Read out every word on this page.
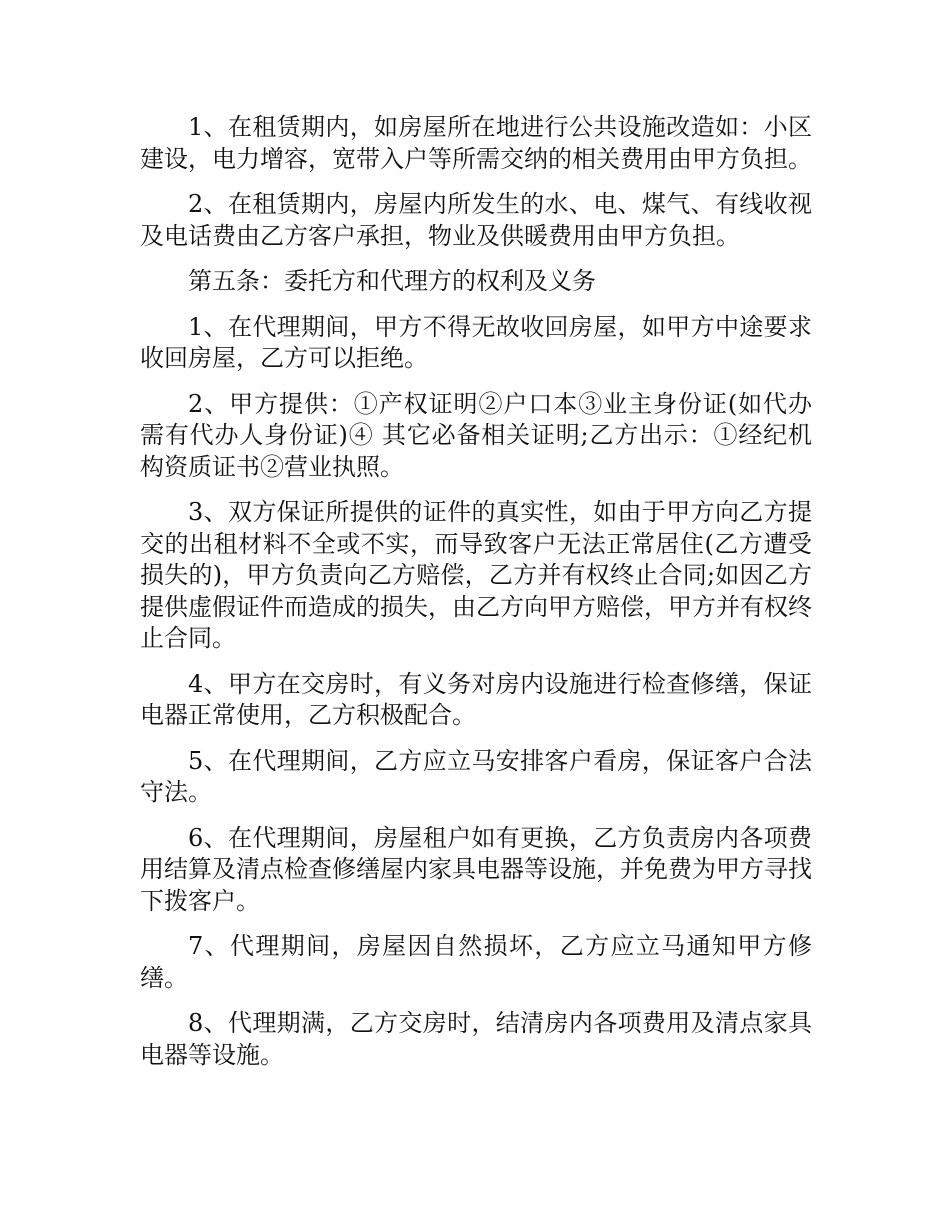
1、在租赁期内，如房屋所在地进行公共设施改造如：小区建设，电力增容，宽带入户等所需交纳的相关费用由甲方负担。

2、在租赁期内，房屋内所发生的水、电、煤气、有线收视及电话费由乙方客户承担，物业及供暖费用由甲方负担。

第五条：委托方和代理方的权利及义务

1、在代理期间，甲方不得无故收回房屋，如甲方中途要求收回房屋，乙方可以拒绝。

2、甲方提供：①产权证明②户口本③业主身份证(如代办需有代办人身份证)④ 其它必备相关证明;乙方出示：①经纪机构资质证书②营业执照。

3、双方保证所提供的证件的真实性，如由于甲方向乙方提交的出租材料不全或不实，而导致客户无法正常居住(乙方遭受损失的)，甲方负责向乙方赔偿，乙方并有权终止合同;如因乙方提供虚假证件而造成的损失，由乙方向甲方赔偿，甲方并有权终止合同。

4、甲方在交房时，有义务对房内设施进行检查修缮，保证电器正常使用，乙方积极配合。

5、在代理期间，乙方应立马安排客户看房，保证客户合法守法。

6、在代理期间，房屋租户如有更换，乙方负责房内各项费用结算及清点检查修缮屋内家具电器等设施，并免费为甲方寻找下拨客户。

7、代理期间，房屋因自然损坏，乙方应立马通知甲方修缮。

8、代理期满，乙方交房时，结清房内各项费用及清点家具电器等设施。
